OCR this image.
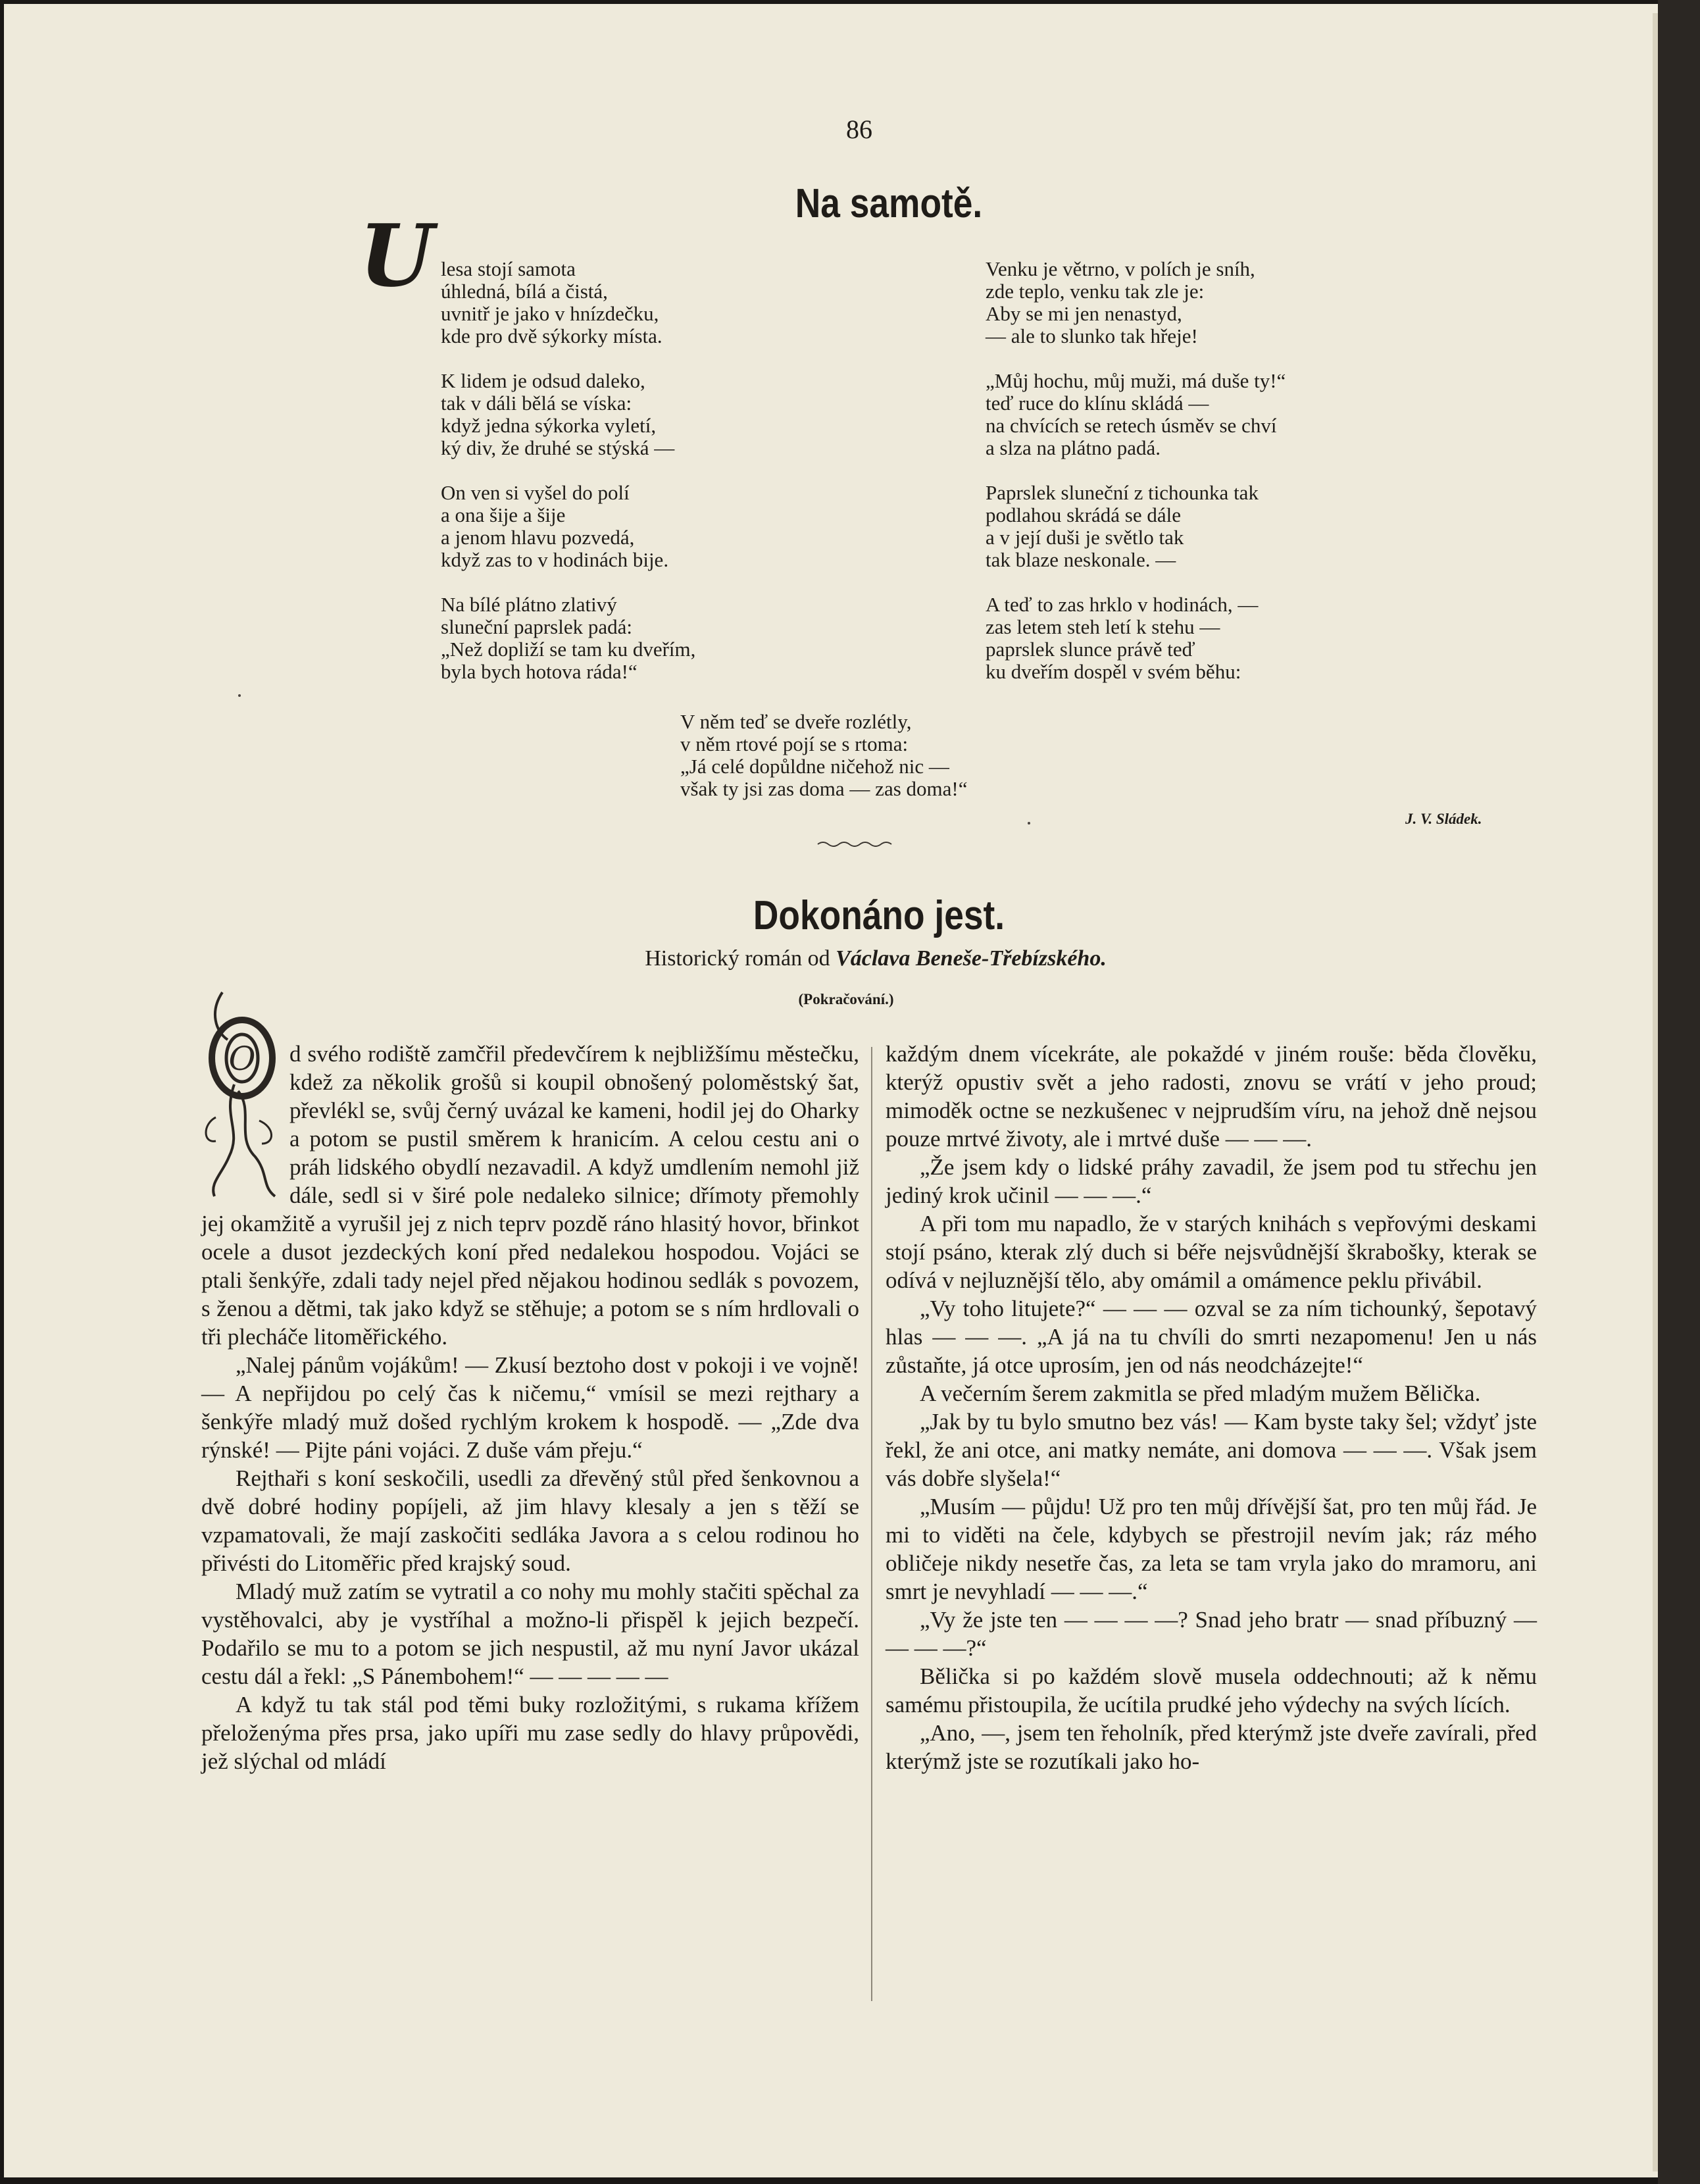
86
Na samotě.
U lesa stojí samota
úhledná, bílá a čistá,
uvnitř je jako v hnízdečku,
kde pro dvě sýkorky místa.
K lidem je odsud daleko,
tak v dáli bělá se víska:
když jedna sýkorka vyletí,
ký div, že druhé se stýská —
On ven si vyšel do polí
a ona šije a šije
a jenom hlavu pozvedá,
když zas to v hodinách bije.
Na bílé plátno zlativý
sluneční paprslek padá:
„Než dopliží se tam ku dveřím,
byla bych hotova ráda!“
Venku je větrno, v polích je sníh,
zde teplo, venku tak zle je:
Aby se mi jen nenastyd,
— ale to slunko tak hřeje!
„Můj hochu, můj muži, má duše ty!“
teď ruce do klínu skládá —
na chvících se retech úsměv se chví
a slza na plátno padá.
Paprslek sluneční z tichounka tak
podlahou skrádá se dále
a v její duši je světlo tak
tak blaze neskonale. —
A teď to zas hrklo v hodinách, —
zas letem steh letí k stehu —
paprslek slunce právě teď
ku dveřím dospěl v svém běhu:
V něm teď se dveře rozlétly,
v něm rtové pojí se s rtoma:
„Já celé dopůldne ničehož nic —
však ty jsi zas doma — zas doma!“
J. V. Sládek.
Dokonáno jest.
Historický román od Václava Beneše-Třebízského.
(Pokračování.)
O	d svého rodiště zamčřil předevčírem k nejbližšímu městečku, kdež za několik grošů si koupil obnošený poloměstský šat, převlékl se, svůj černý uvázal ke kameni, hodil jej do Oharky a potom se pustil směrem k hranicím. A celou cestu ani o práh lidského obydlí nezavadil. A když umdlením nemohl již dále, sedl si v širé pole nedaleko silnice; dřímoty přemohly jej okamžitě a vyrušil jej z nich teprv pozdě ráno hlasitý hovor, břinkot ocele a dusot jezdeckých koní před nedalekou hospodou. Vojáci se ptali šenkýře, zdali tady nejel před nějakou hodinou sedlák s povozem, s ženou a dětmi, tak jako když se stěhuje; a potom se s ním hrdlovali o tři plecháče litoměřického.

„Nalej pánům vojákům! — Zkusí beztoho dost v pokoji i ve vojně! — A nepřijdou po celý čas k ničemu,“ vmísil se mezi rejthary a šenkýře mladý muž došed rychlým krokem k hospodě. — „Zde dva rýnské! — Pijte páni vojáci. Z duše vám přeju.“

Rejthaři s koní seskočili, usedli za dřevěný stůl před šenkovnou a dvě dobré hodiny popíjeli, až jim hlavy klesaly a jen s těží se vzpamatovali, že mají zaskočiti sedláka Javora a s celou rodinou ho přivésti do Litoměřic před krajský soud.

Mladý muž zatím se vytratil a co nohy mu mohly stačiti spěchal za vystěhovalci, aby je vystříhal a možno-li přispěl k jejich bezpečí. Podařilo se mu to a potom se jich nespustil, až mu nyní Javor ukázal cestu dál a řekl: „S Pánembohem!“ — — — — —

A když tu tak stál pod těmi buky rozložitými, s rukama křížem přeloženýma přes prsa, jako upíři mu zase sedly do hlavy průpovědi, jež slýchal od mládí

každým dnem vícekráte, ale pokaždé v jiném rouše: běda člověku, kterýž opustiv svět a jeho radosti, znovu se vrátí v jeho proud; mimoděk octne se nezkušenec v nejprudším víru, na jehož dně nejsou pouze mrtvé životy, ale i mrtvé duše — — —.

„Že jsem kdy o lidské práhy zavadil, že jsem pod tu střechu jen jediný krok učinil — — —.“

A při tom mu napadlo, že v starých knihách s vepřovými deskami stojí psáno, kterak zlý duch si béře nejsvůdnější škrabošky, kterak se odívá v nejluznější tělo, aby omámil a omámence peklu přivábil.

„Vy toho litujete?“ — — — ozval se za ním tichounký, šepotavý hlas — — —. „A já na tu chvíli do smrti nezapomenu! Jen u nás zůstaňte, já otce uprosím, jen od nás neodcházejte!“

A večerním šerem zakmitla se před mladým mužem Bělička.

„Jak by tu bylo smutno bez vás! — Kam byste taky šel; vždyť jste řekl, že ani otce, ani matky nemáte, ani domova — — —. Však jsem vás dobře slyšela!“

„Musím — půjdu! Už pro ten můj dřívější šat, pro ten můj řád. Je mi to viděti na čele, kdybych se přestrojil nevím jak; ráz mého obličeje nikdy nesetře čas, za leta se tam vryla jako do mramoru, ani smrt je nevyhladí — — —.“

„Vy že jste ten — — — —? Snad jeho bratr — snad příbuzný — — — —?“

Bělička si po každém slově musela oddechnouti; až k němu samému přistoupila, že ucítila prudké jeho výdechy na svých lících.

„Ano, —, jsem ten řeholník, před kterýmž jste dveře zavírali, před kterýmž jste se rozutíkali jako ho-
